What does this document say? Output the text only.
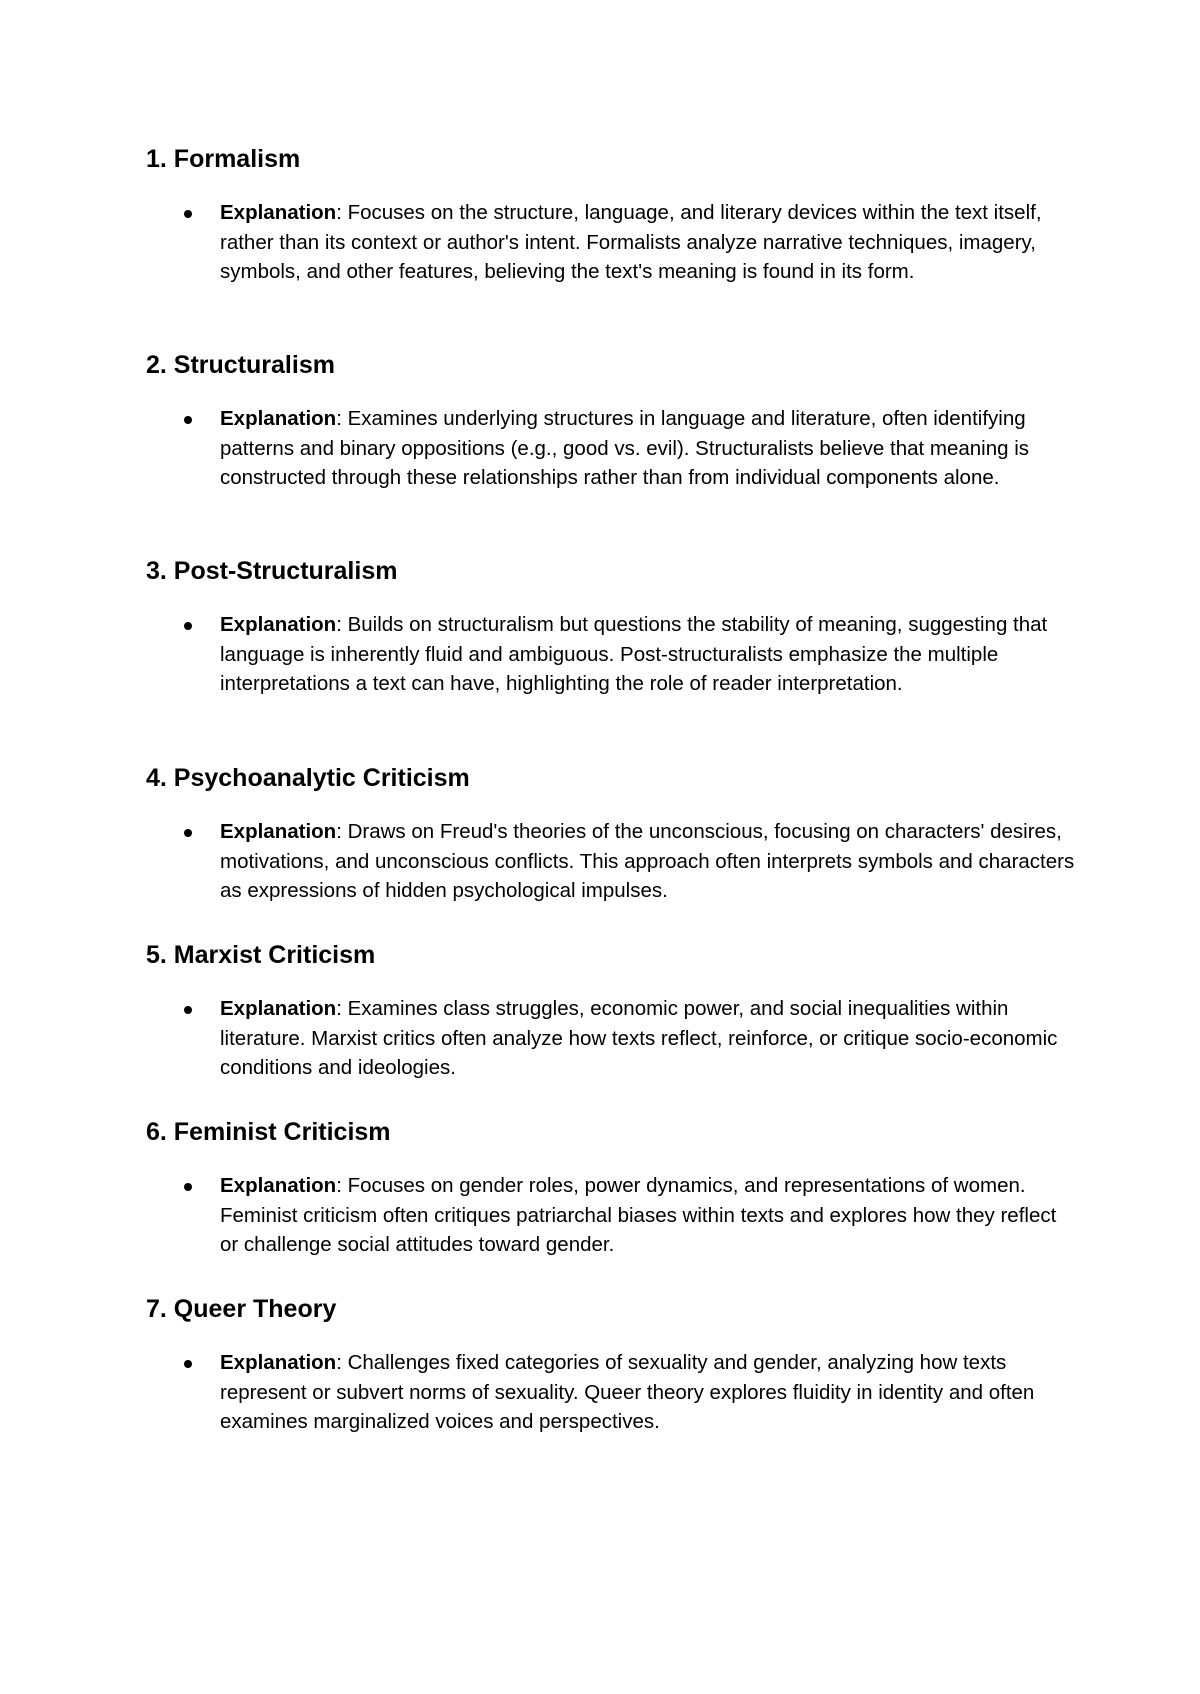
1. Formalism
Explanation: Focuses on the structure, language, and literary devices within the text itself, rather than its context or author's intent. Formalists analyze narrative techniques, imagery, symbols, and other features, believing the text's meaning is found in its form.
2. Structuralism
Explanation: Examines underlying structures in language and literature, often identifying patterns and binary oppositions (e.g., good vs. evil). Structuralists believe that meaning is constructed through these relationships rather than from individual components alone.
3. Post-Structuralism
Explanation: Builds on structuralism but questions the stability of meaning, suggesting that language is inherently fluid and ambiguous. Post-structuralists emphasize the multiple interpretations a text can have, highlighting the role of reader interpretation.
4. Psychoanalytic Criticism
Explanation: Draws on Freud's theories of the unconscious, focusing on characters' desires, motivations, and unconscious conflicts. This approach often interprets symbols and characters as expressions of hidden psychological impulses.
5. Marxist Criticism
Explanation: Examines class struggles, economic power, and social inequalities within literature. Marxist critics often analyze how texts reflect, reinforce, or critique socio-economic conditions and ideologies.
6. Feminist Criticism
Explanation: Focuses on gender roles, power dynamics, and representations of women. Feminist criticism often critiques patriarchal biases within texts and explores how they reflect or challenge social attitudes toward gender.
7. Queer Theory
Explanation: Challenges fixed categories of sexuality and gender, analyzing how texts represent or subvert norms of sexuality. Queer theory explores fluidity in identity and often examines marginalized voices and perspectives.
